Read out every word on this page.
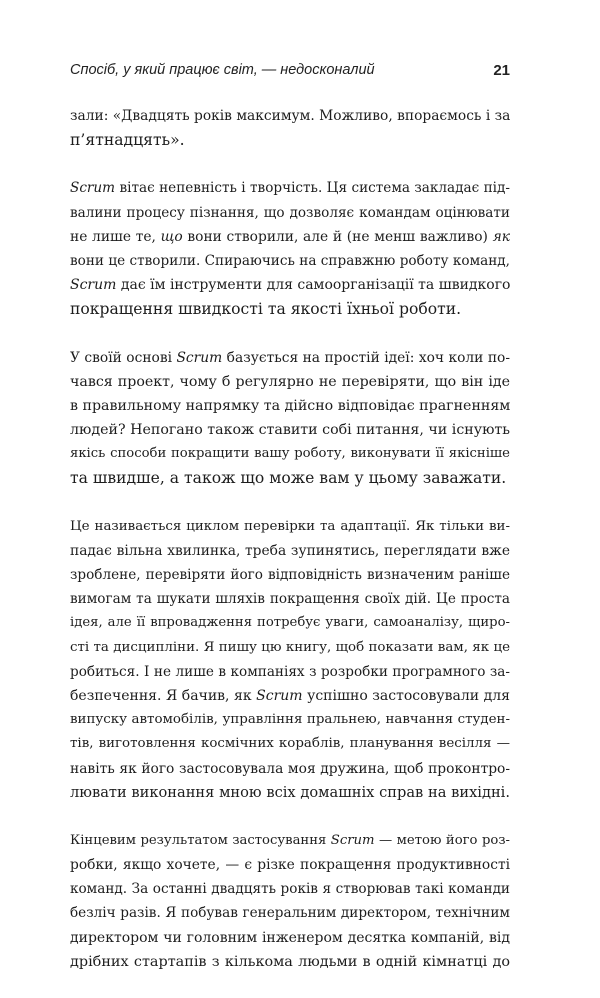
Спосіб, у який працює світ, — недосконалий	21

зали: «Двадцять років максимум. Можливо, впораємось і за
п’ятнадцять».

Scrum вітає непевність і творчість. Ця система закладає під-
валини процесу пізнання, що дозволяє командам оцінювати
не лише те, що вони створили, але й (не менш важливо) як
вони це створили. Спираючись на справжню роботу команд,
Scrum дає їм інструменти для самоорганізації та швидкого
покращення швидкості та якості їхньої роботи.

У своїй основі Scrum базується на простій ідеї: хоч коли по-
чався проект, чому б регулярно не перевіряти, що він іде
в правильному напрямку та дійсно відповідає прагненням
людей? Непогано також ставити собі питання, чи існують
якісь способи покращити вашу роботу, виконувати її якісніше
та швидше, а також що може вам у цьому заважати.

Це називається циклом перевірки та адаптації. Як тільки ви-
падає вільна хвилинка, треба зупинятись, переглядати вже
зроблене, перевіряти його відповідність визначеним раніше
вимогам та шукати шляхів покращення своїх дій. Це проста
ідея, але її впровадження потребує уваги, самоаналізу, щиро-
сті та дисципліни. Я пишу цю книгу, щоб показати вам, як це
робиться. І не лише в компаніях з розробки програмного за-
безпечення. Я бачив, як Scrum успішно застосовували для
випуску автомобілів, управління пральнею, навчання студен-
тів, виготовлення космічних кораблів, планування весілля —
навіть як його застосовувала моя дружина, щоб проконтро-
лювати виконання мною всіх домашніх справ на вихідні.

Кінцевим результатом застосування Scrum — метою його роз-
робки, якщо хочете, — є різке покращення продуктивності
команд. За останні двадцять років я створював такі команди
безліч разів. Я побував генеральним директором, технічним
директором чи головним інженером десятка компаній, від
дрібних стартапів з кількома людьми в одній кімнатці до
